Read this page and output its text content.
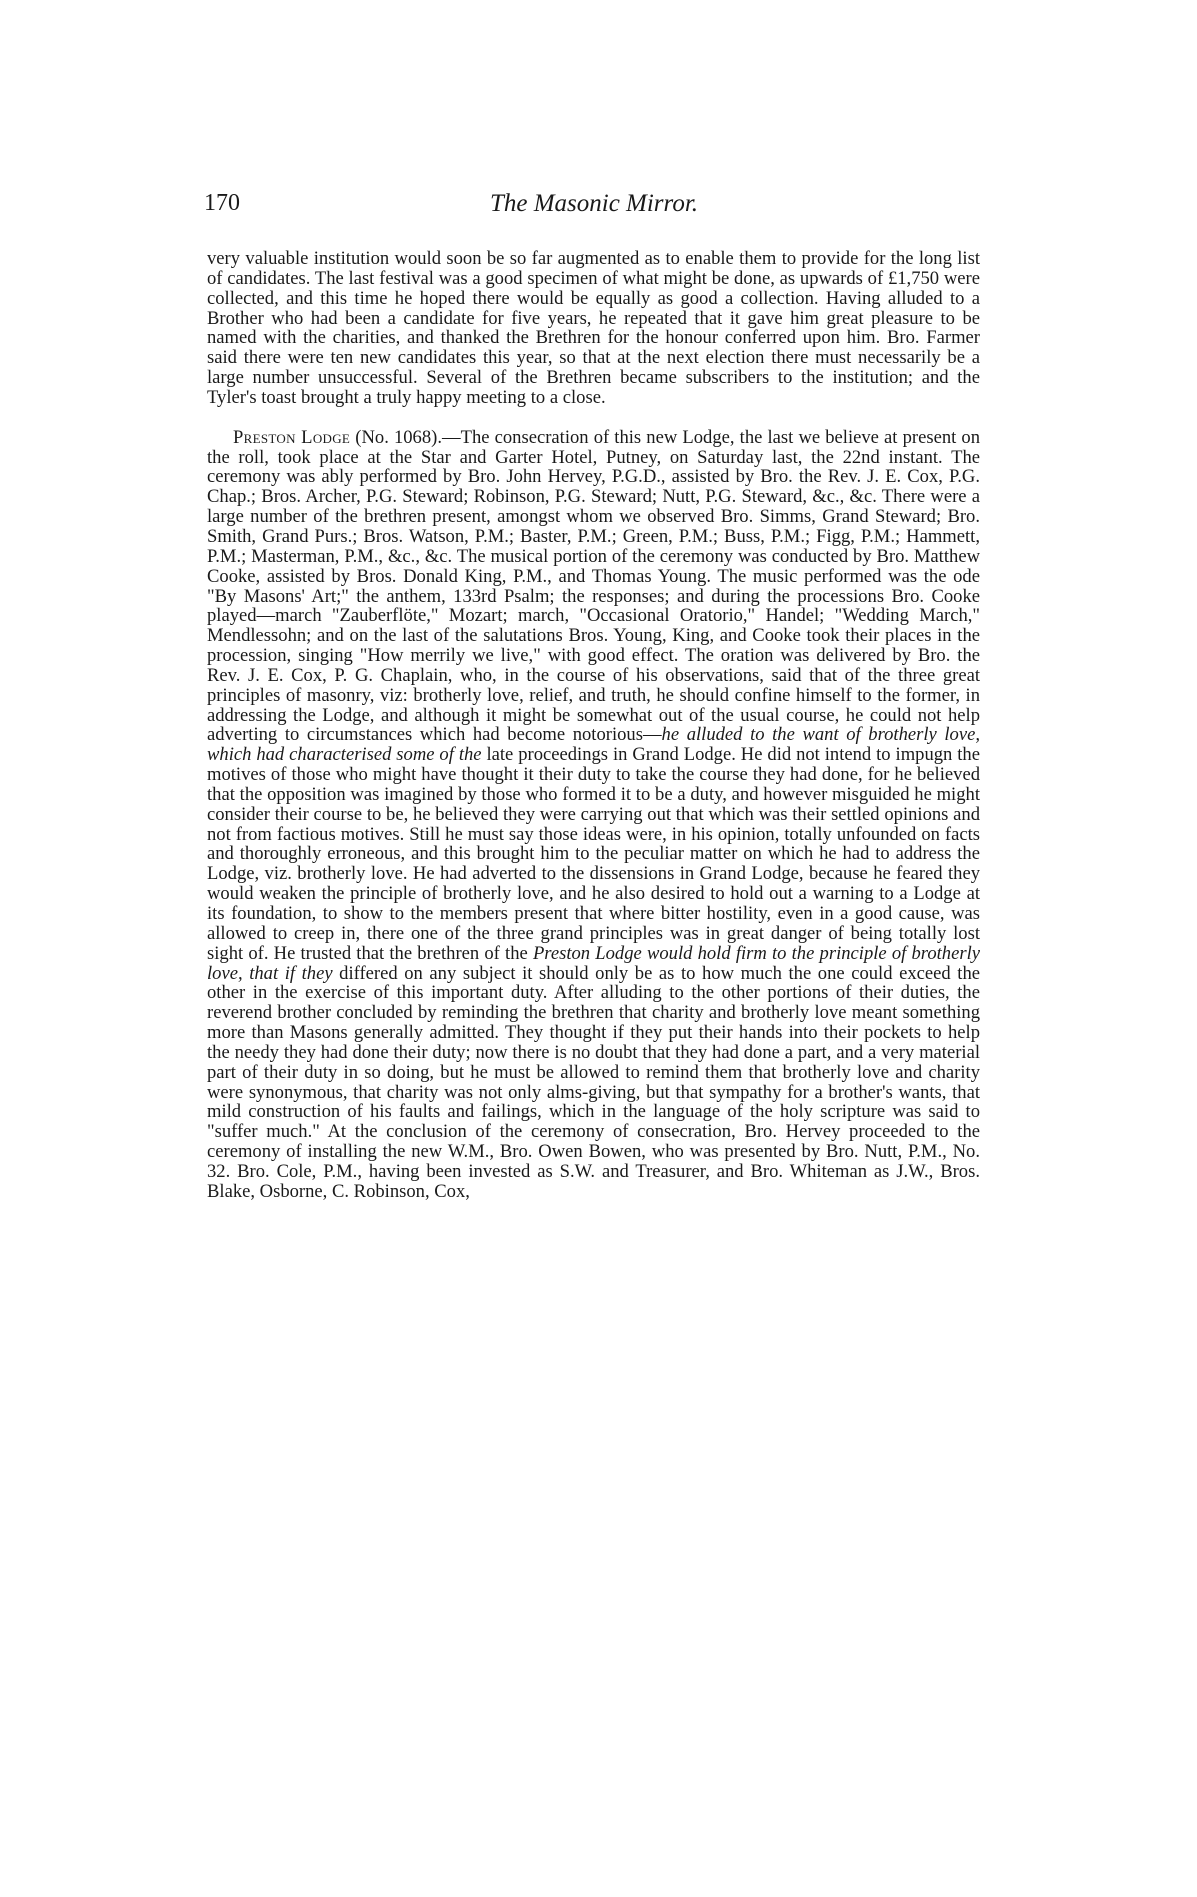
170	The Masonic Mirror.

very valuable institution would soon be so far augmented as to enable them to provide for the long list of candidates. The last festival was a good specimen of what might be done, as upwards of £1,750 were collected, and this time he hoped there would be equally as good a collection. Having alluded to a Brother who had been a candidate for five years, he repeated that it gave him great pleasure to be named with the charities, and thanked the Brethren for the honour conferred upon him. Bro. Farmer said there were ten new candidates this year, so that at the next election there must necessarily be a large number unsuccessful. Several of the Brethren became subscribers to the institution; and the Tyler's toast brought a truly happy meeting to a close.

Preston Lodge (No. 1068).—The consecration of this new Lodge, the last we believe at present on the roll, took place at the Star and Garter Hotel, Putney, on Saturday last, the 22nd instant. The ceremony was ably performed by Bro. John Hervey, P.G.D., assisted by Bro. the Rev. J. E. Cox, P.G. Chap.; Bros. Archer, P.G. Steward; Robinson, P.G. Steward; Nutt, P.G. Steward, &c., &c. There were a large number of the brethren present, amongst whom we observed Bro. Simms, Grand Steward; Bro. Smith, Grand Purs.; Bros. Watson, P.M.; Baster, P.M.; Green, P.M.; Buss, P.M.; Figg, P.M.; Hammett, P.M.; Masterman, P.M., &c., &c. The musical portion of the ceremony was conducted by Bro. Matthew Cooke, assisted by Bros. Donald King, P.M., and Thomas Young. The music performed was the ode "By Masons' Art;" the anthem, 133rd Psalm; the responses; and during the processions Bro. Cooke played—march "Zauberflöte," Mozart; march, "Occasional Oratorio," Handel; "Wedding March," Mendlessohn; and on the last of the salutations Bros. Young, King, and Cooke took their places in the procession, singing "How merrily we live," with good effect. The oration was delivered by Bro. the Rev. J. E. Cox, P. G. Chaplain, who, in the course of his observations, said that of the three great principles of masonry, viz: brotherly love, relief, and truth, he should confine himself to the former, in addressing the Lodge, and although it might be somewhat out of the usual course, he could not help adverting to circumstances which had become notorious—he alluded to the want of brotherly love, which had characterised some of the late proceedings in Grand Lodge. He did not intend to impugn the motives of those who might have thought it their duty to take the course they had done, for he believed that the opposition was imagined by those who formed it to be a duty, and however misguided he might consider their course to be, he believed they were carrying out that which was their settled opinions and not from factious motives. Still he must say those ideas were, in his opinion, totally unfounded on facts and thoroughly erroneous, and this brought him to the peculiar matter on which he had to address the Lodge, viz. brotherly love. He had adverted to the dissensions in Grand Lodge, because he feared they would weaken the principle of brotherly love, and he also desired to hold out a warning to a Lodge at its foundation, to show to the members present that where bitter hostility, even in a good cause, was allowed to creep in, there one of the three grand principles was in great danger of being totally lost sight of. He trusted that the brethren of the Preston Lodge would hold firm to the principle of brotherly love, that if they differed on any subject it should only be as to how much the one could exceed the other in the exercise of this important duty. After alluding to the other portions of their duties, the reverend brother concluded by reminding the brethren that charity and brotherly love meant something more than Masons generally admitted. They thought if they put their hands into their pockets to help the needy they had done their duty; now there is no doubt that they had done a part, and a very material part of their duty in so doing, but he must be allowed to remind them that brotherly love and charity were synonymous, that charity was not only alms-giving, but that sympathy for a brother's wants, that mild construction of his faults and failings, which in the language of the holy scripture was said to "suffer much." At the conclusion of the ceremony of consecration, Bro. Hervey proceeded to the ceremony of installing the new W.M., Bro. Owen Bowen, who was presented by Bro. Nutt, P.M., No. 32. Bro. Cole, P.M., having been invested as S.W. and Treasurer, and Bro. Whiteman as J.W., Bros. Blake, Osborne, C. Robinson, Cox,
